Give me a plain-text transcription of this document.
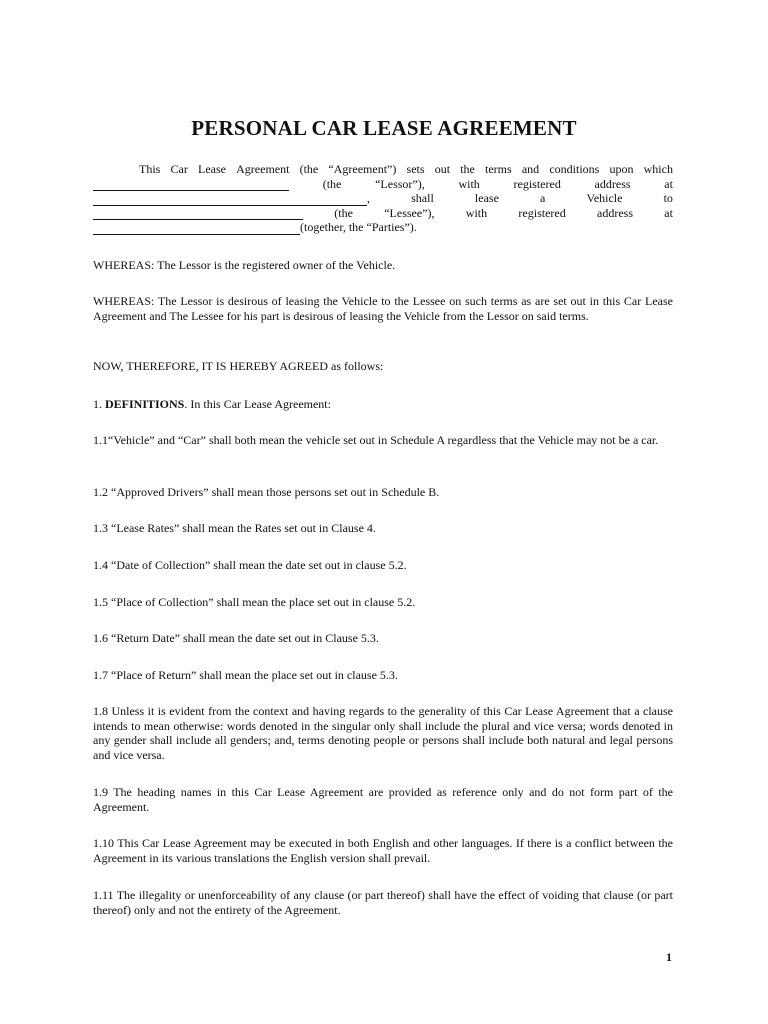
PERSONAL CAR LEASE AGREEMENT
This Car Lease Agreement (the “Agreement”) sets out the terms and conditions upon which
(the	“Lessor”),	with	registered	address	at
,	shall	lease	a	Vehicle	to
(the	“Lessee”),	with	registered	address	at
(together, the “Parties”).
WHEREAS: The Lessor is the registered owner of the Vehicle.
WHEREAS: The Lessor is desirous of leasing the Vehicle to the Lessee on such terms as are set out in this Car Lease Agreement and The Lessee for his part is desirous of leasing the Vehicle from the Lessor on said terms.
NOW, THEREFORE, IT IS HEREBY AGREED as follows:
1. DEFINITIONS. In this Car Lease Agreement:
1.1“Vehicle” and “Car” shall both mean the vehicle set out in Schedule A regardless that the Vehicle may not be a car.
1.2 “Approved Drivers” shall mean those persons set out in Schedule B.
1.3 “Lease Rates” shall mean the Rates set out in Clause 4.
1.4 “Date of Collection” shall mean the date set out in clause 5.2.
1.5 “Place of Collection” shall mean the place set out in clause 5.2.
1.6 “Return Date” shall mean the date set out in Clause 5.3.
1.7 “Place of Return” shall mean the place set out in clause 5.3.
1.8 Unless it is evident from the context and having regards to the generality of this Car Lease Agreement that a clause intends to mean otherwise: words denoted in the singular only shall include the plural and vice versa; words denoted in any gender shall include all genders; and, terms denoting people or persons shall include both natural and legal persons and vice versa.
1.9 The heading names in this Car Lease Agreement are provided as reference only and do not form part of the Agreement.
1.10 This Car Lease Agreement may be executed in both English and other languages. If there is a conflict between the Agreement in its various translations the English version shall prevail.
1.11 The illegality or unenforceability of any clause (or part thereof) shall have the effect of voiding that clause (or part thereof) only and not the entirety of the Agreement.
1
